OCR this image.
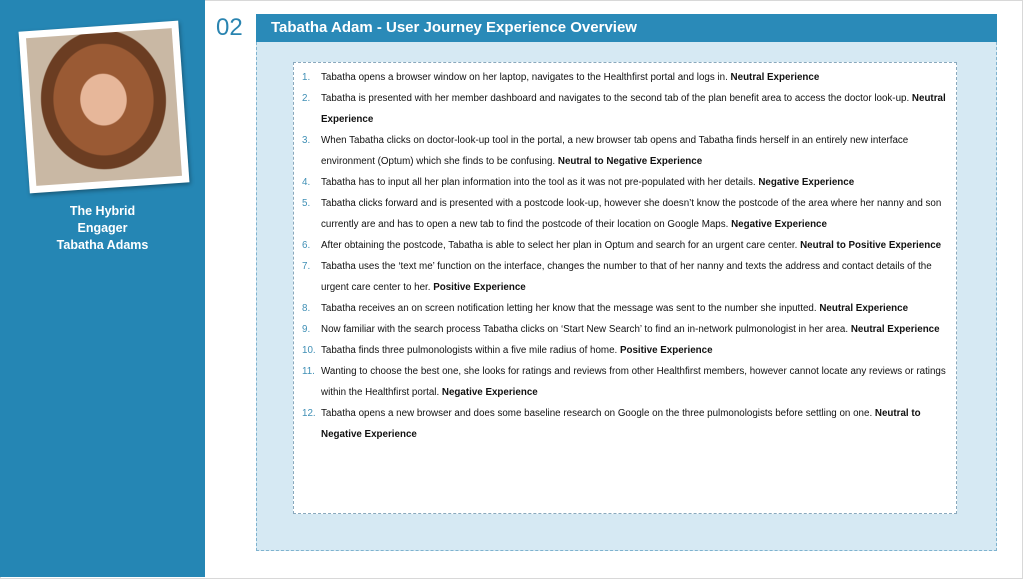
The Hybrid
Engager
Tabatha Adams
02	Tabatha Adam - User Journey Experience Overview
1. Tabatha opens a browser window on her laptop, navigates to the Healthfirst portal and logs in. Neutral Experience
2. Tabatha is presented with her member dashboard and navigates to the second tab of the plan benefit area to access the doctor look-up. Neutral Experience
3. When Tabatha clicks on doctor-look-up tool in the portal, a new browser tab opens and Tabatha finds herself in an entirely new interface environment (Optum) which she finds to be confusing. Neutral to Negative Experience
4. Tabatha has to input all her plan information into the tool as it was not pre-populated with her details. Negative Experience
5. Tabatha clicks forward and is presented with a postcode look-up, however she doesn’t know the postcode of the area where her nanny and son currently are and has to open a new tab to find the postcode of their location on Google Maps. Negative Experience
6. After obtaining the postcode, Tabatha is able to select her plan in Optum and search for an urgent care center. Neutral to Positive Experience
7. Tabatha uses the ‘text me’ function on the interface, changes the number to that of her nanny and texts the address and contact details of the urgent care center to her. Positive Experience
8. Tabatha receives an on screen notification letting her know that the message was sent to the number she inputted. Neutral Experience
9. Now familiar with the search process Tabatha clicks on ‘Start New Search’ to find an in-network pulmonologist in her area. Neutral Experience
10. Tabatha finds three pulmonologists within a five mile radius of home. Positive Experience
11. Wanting to choose the best one, she looks for ratings and reviews from other Healthfirst members, however cannot locate any reviews or ratings within the Healthfirst portal. Negative Experience
12. Tabatha opens a new browser and does some baseline research on Google on the three pulmonologists before settling on one. Neutral to Negative Experience
